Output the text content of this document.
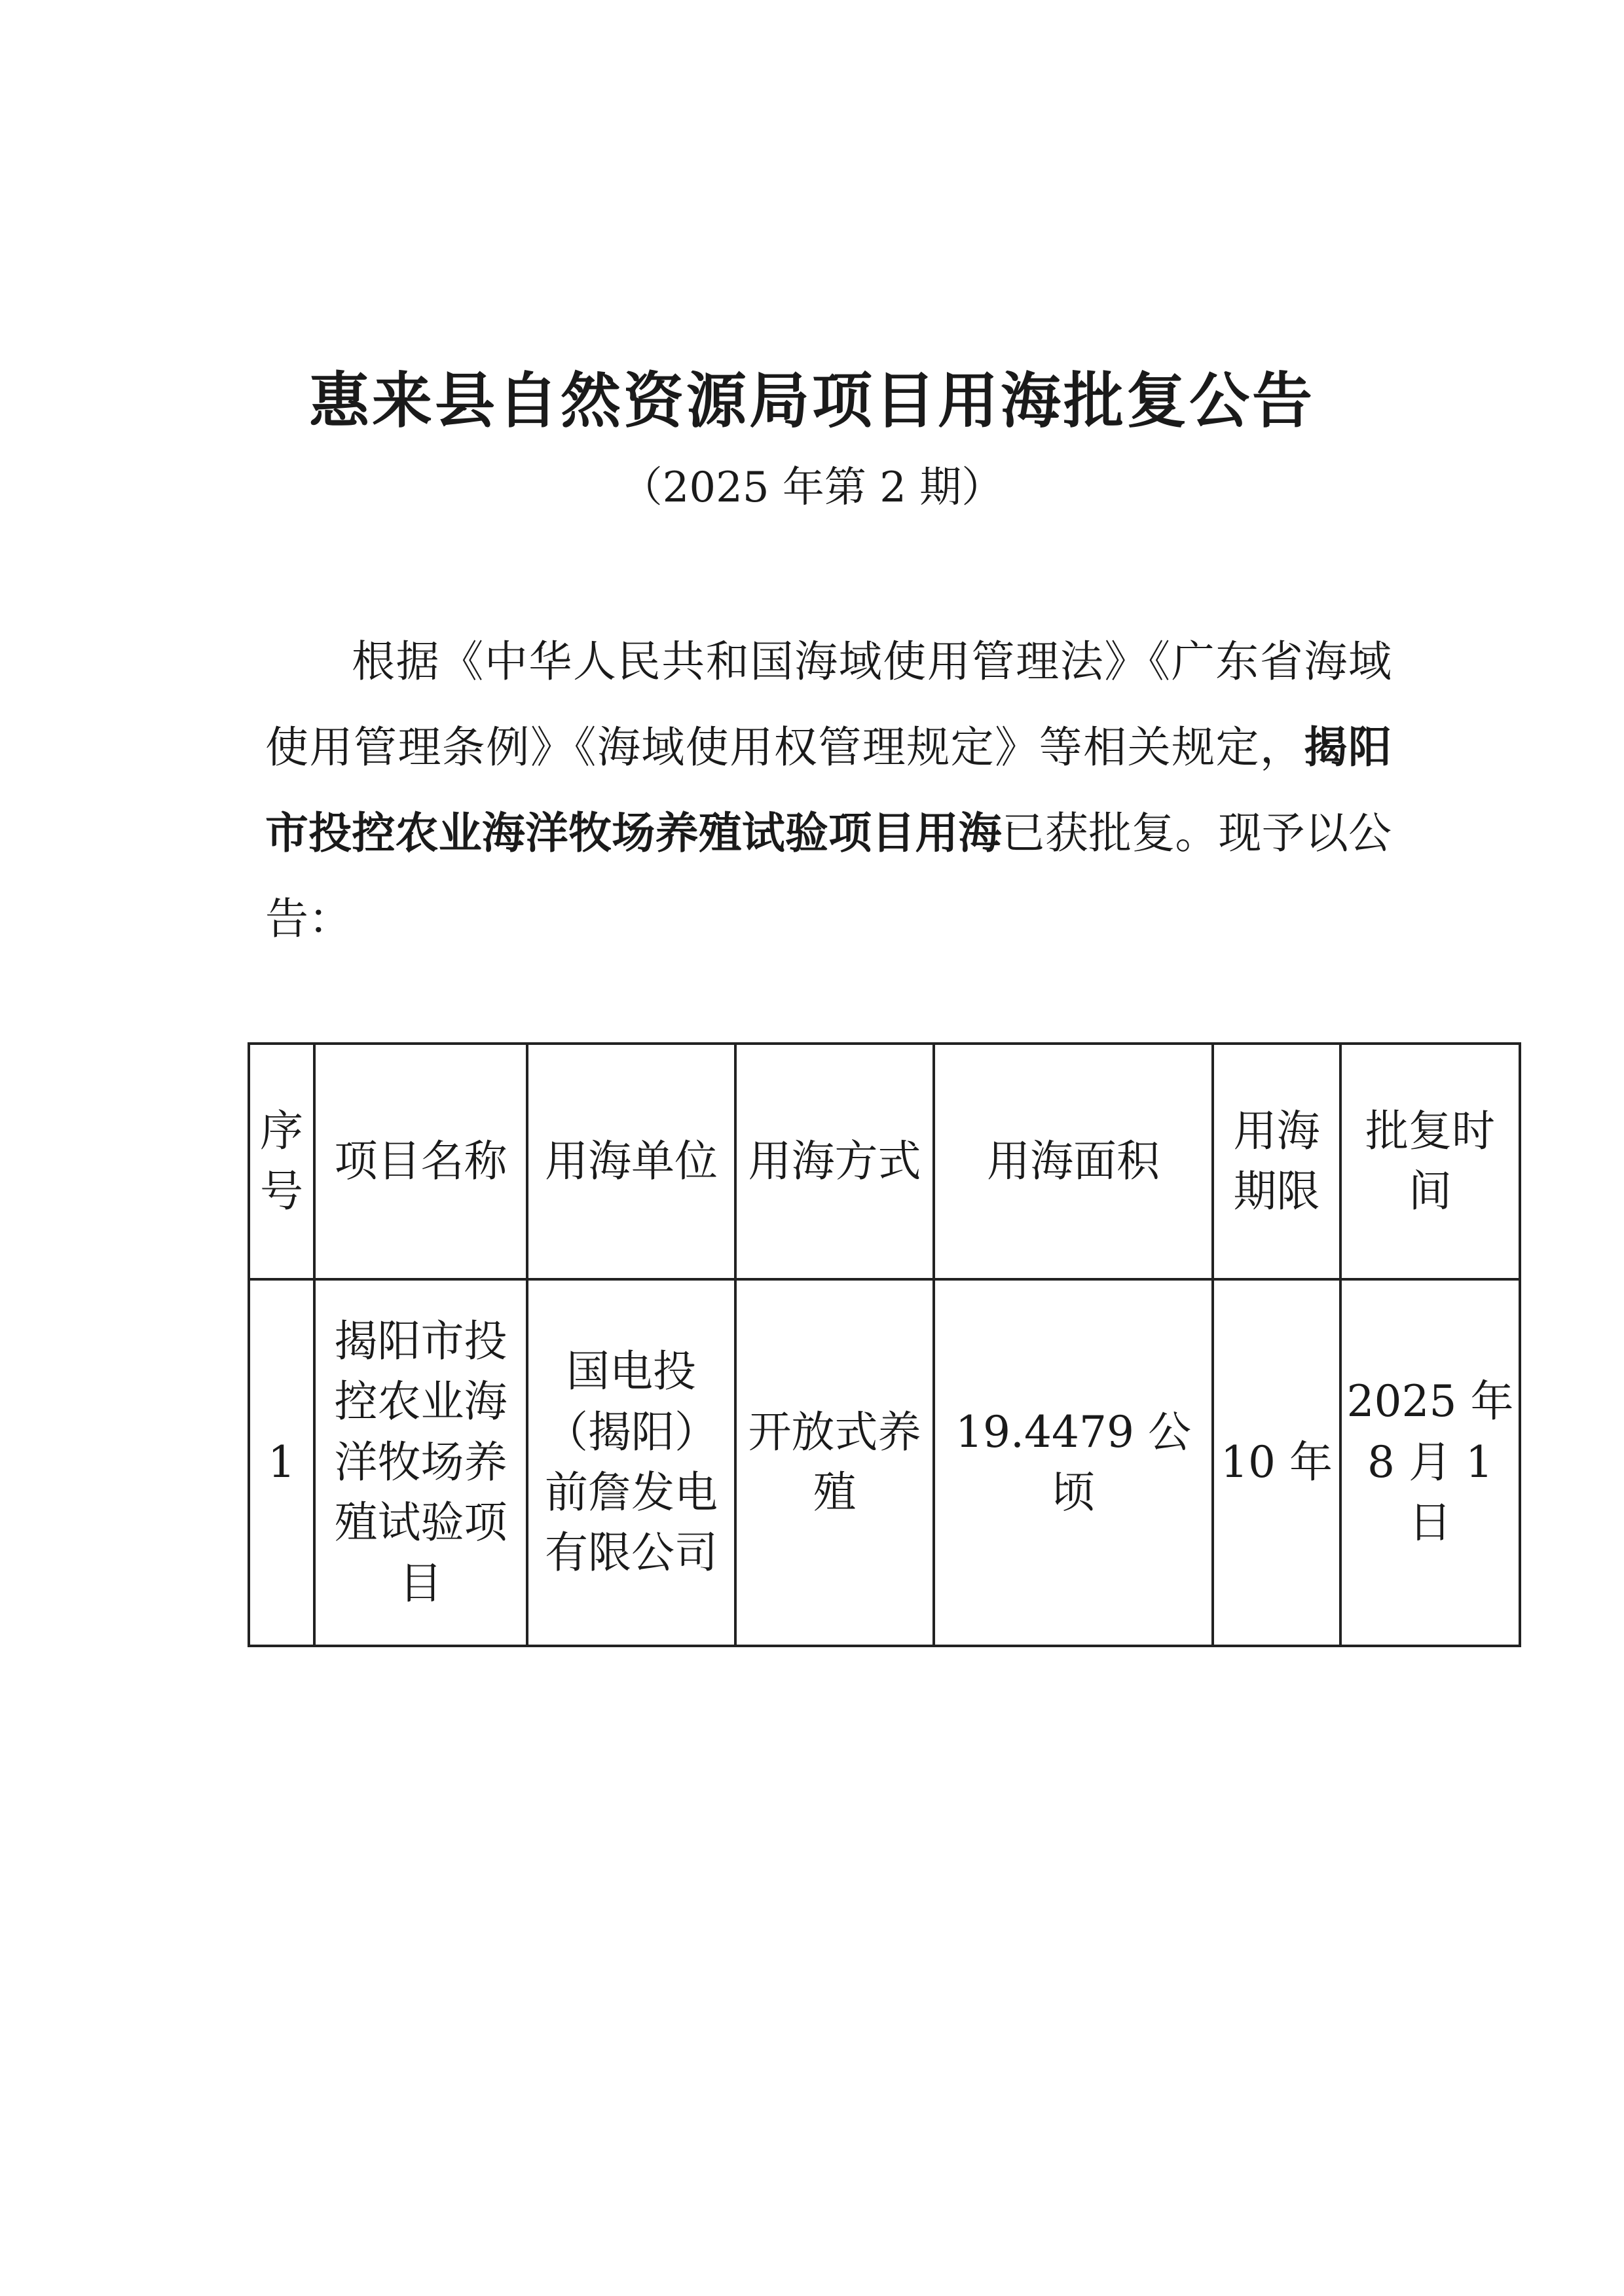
惠来县自然资源局项目用海批复公告
（2025 年第 2 期）

根据《中华人民共和国海域使用管理法》《广东省海域使用管理条例》《海域使用权管理规定》等相关规定，揭阳市投控农业海洋牧场养殖试验项目用海已获批复。现予以公告：

序号	项目名称	用海单位	用海方式	用海面积	用海期限	批复时间
1	揭阳市投控农业海洋牧场养殖试验项目	国电投（揭阳）前詹发电有限公司	开放式养殖	19.4479 公顷	10 年	2025 年 8 月 1 日
